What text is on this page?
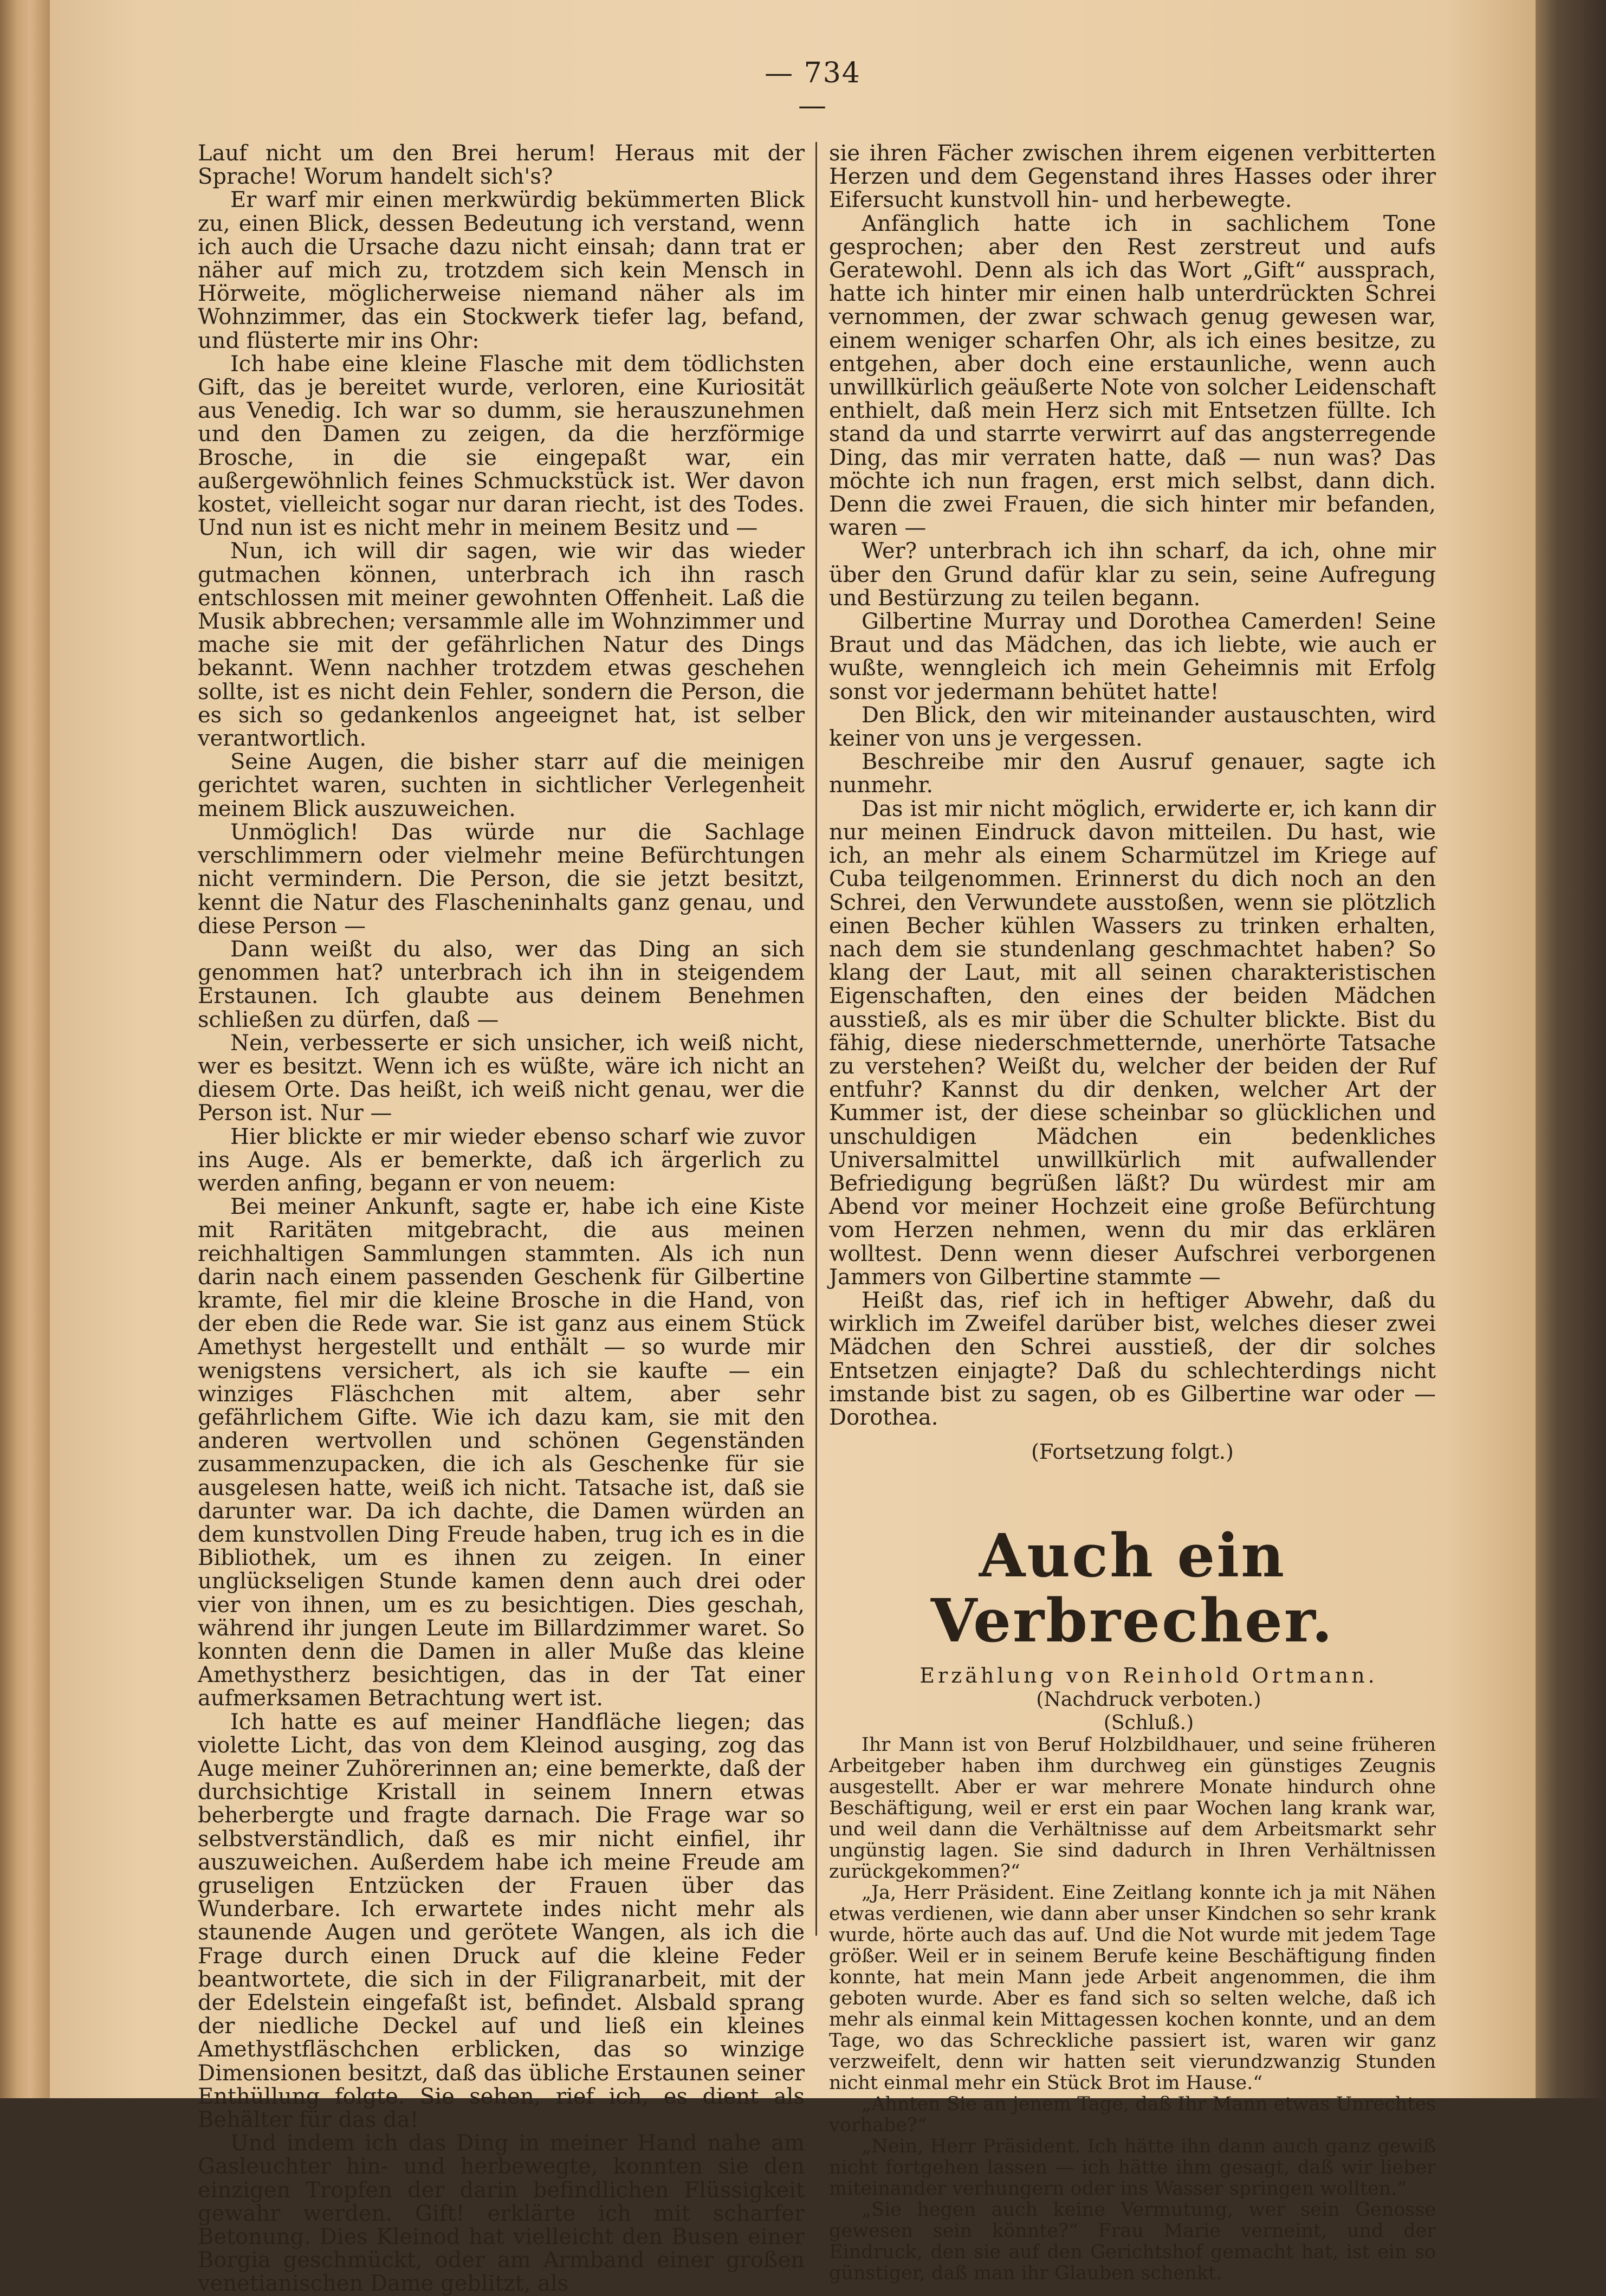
— 734 —

Lauf nicht um den Brei herum! Heraus mit der Sprache! Worum handelt sich's?

Er warf mir einen merkwürdig bekümmerten Blick zu, einen Blick, dessen Bedeutung ich verstand, wenn ich auch die Ursache dazu nicht einsah; dann trat er näher auf mich zu, trotzdem sich kein Mensch in Hörweite, möglicherweise niemand näher als im Wohnzimmer, das ein Stockwerk tiefer lag, befand, und flüsterte mir ins Ohr:

Ich habe eine kleine Flasche mit dem tödlichsten Gift, das je bereitet wurde, verloren, eine Kuriosität aus Venedig. Ich war so dumm, sie herauszunehmen und den Damen zu zeigen, da die herzförmige Brosche, in die sie eingepaßt war, ein außergewöhnlich feines Schmuckstück ist. Wer davon kostet, vielleicht sogar nur daran riecht, ist des Todes. Und nun ist es nicht mehr in meinem Besitz und —

Nun, ich will dir sagen, wie wir das wieder gutmachen können, unterbrach ich ihn rasch entschlossen mit meiner gewohnten Offenheit. Laß die Musik abbrechen; versammle alle im Wohnzimmer und mache sie mit der gefährlichen Natur des Dings bekannt. Wenn nachher trotzdem etwas geschehen sollte, ist es nicht dein Fehler, sondern die Person, die es sich so gedankenlos angeeignet hat, ist selber verantwortlich.

Seine Augen, die bisher starr auf die meinigen gerichtet waren, suchten in sichtlicher Verlegenheit meinem Blick auszuweichen.

Unmöglich! Das würde nur die Sachlage verschlimmern oder vielmehr meine Befürchtungen nicht vermindern. Die Person, die sie jetzt besitzt, kennt die Natur des Flascheninhalts ganz genau, und diese Person —

Dann weißt du also, wer das Ding an sich genommen hat? unterbrach ich ihn in steigendem Erstaunen. Ich glaubte aus deinem Benehmen schließen zu dürfen, daß —

Nein, verbesserte er sich unsicher, ich weiß nicht, wer es besitzt. Wenn ich es wüßte, wäre ich nicht an diesem Orte. Das heißt, ich weiß nicht genau, wer die Person ist. Nur —

Hier blickte er mir wieder ebenso scharf wie zuvor ins Auge. Als er bemerkte, daß ich ärgerlich zu werden anfing, begann er von neuem:

Bei meiner Ankunft, sagte er, habe ich eine Kiste mit Raritäten mitgebracht, die aus meinen reichhaltigen Sammlungen stammten. Als ich nun darin nach einem passenden Geschenk für Gilbertine kramte, fiel mir die kleine Brosche in die Hand, von der eben die Rede war. Sie ist ganz aus einem Stück Amethyst hergestellt und enthält — so wurde mir wenigstens versichert, als ich sie kaufte — ein winziges Fläschchen mit altem, aber sehr gefährlichem Gifte. Wie ich dazu kam, sie mit den anderen wertvollen und schönen Gegenständen zusammenzupacken, die ich als Geschenke für sie ausgelesen hatte, weiß ich nicht. Tatsache ist, daß sie darunter war. Da ich dachte, die Damen würden an dem kunstvollen Ding Freude haben, trug ich es in die Bibliothek, um es ihnen zu zeigen. In einer unglückseligen Stunde kamen denn auch drei oder vier von ihnen, um es zu besichtigen. Dies geschah, während ihr jungen Leute im Billardzimmer waret. So konnten denn die Damen in aller Muße das kleine Amethystherz besichtigen, das in der Tat einer aufmerksamen Betrachtung wert ist.

Ich hatte es auf meiner Handfläche liegen; das violette Licht, das von dem Kleinod ausging, zog das Auge meiner Zuhörerinnen an; eine bemerkte, daß der durchsichtige Kristall in seinem Innern etwas beherbergte und fragte darnach. Die Frage war so selbstverständlich, daß es mir nicht einfiel, ihr auszuweichen. Außerdem habe ich meine Freude am gruseligen Entzücken der Frauen über das Wunderbare. Ich erwartete indes nicht mehr als staunende Augen und gerötete Wangen, als ich die Frage durch einen Druck auf die kleine Feder beantwortete, die sich in der Filigranarbeit, mit der der Edelstein eingefaßt ist, befindet. Alsbald sprang der niedliche Deckel auf und ließ ein kleines Amethystfläschchen erblicken, das so winzige Dimensionen besitzt, daß das übliche Erstaunen seiner Enthüllung folgte. Sie sehen, rief ich, es dient als Behälter für das da!

Und indem ich das Ding in meiner Hand nahe am Gasleuchter hin- und herbewegte, konnten sie den einzigen Tropfen der darin befindlichen Flüssigkeit gewahr werden. Gift! erklärte ich mit scharfer Betonung. Dies Kleinod hat vielleicht den Busen einer Borgia geschmückt, oder am Armband einer großen venetianischen Dame geblitzt, als

sie ihren Fächer zwischen ihrem eigenen verbitterten Herzen und dem Gegenstand ihres Hasses oder ihrer Eifersucht kunstvoll hin- und herbewegte.

Anfänglich hatte ich in sachlichem Tone gesprochen; aber den Rest zerstreut und aufs Geratewohl. Denn als ich das Wort „Gift“ aussprach, hatte ich hinter mir einen halb unterdrückten Schrei vernommen, der zwar schwach genug gewesen war, einem weniger scharfen Ohr, als ich eines besitze, zu entgehen, aber doch eine erstaunliche, wenn auch unwillkürlich geäußerte Note von solcher Leidenschaft enthielt, daß mein Herz sich mit Entsetzen füllte. Ich stand da und starrte verwirrt auf das angsterregende Ding, das mir verraten hatte, daß — nun was? Das möchte ich nun fragen, erst mich selbst, dann dich. Denn die zwei Frauen, die sich hinter mir befanden, waren —

Wer? unterbrach ich ihn scharf, da ich, ohne mir über den Grund dafür klar zu sein, seine Aufregung und Bestürzung zu teilen begann.

Gilbertine Murray und Dorothea Camerden! Seine Braut und das Mädchen, das ich liebte, wie auch er wußte, wenngleich ich mein Geheimnis mit Erfolg sonst vor jedermann behütet hatte!

Den Blick, den wir miteinander austauschten, wird keiner von uns je vergessen.

Beschreibe mir den Ausruf genauer, sagte ich nunmehr.

Das ist mir nicht möglich, erwiderte er, ich kann dir nur meinen Eindruck davon mitteilen. Du hast, wie ich, an mehr als einem Scharmützel im Kriege auf Cuba teilgenommen. Erinnerst du dich noch an den Schrei, den Verwundete ausstoßen, wenn sie plötzlich einen Becher kühlen Wassers zu trinken erhalten, nach dem sie stundenlang geschmachtet haben? So klang der Laut, mit all seinen charakteristischen Eigenschaften, den eines der beiden Mädchen ausstieß, als es mir über die Schulter blickte. Bist du fähig, diese niederschmetternde, unerhörte Tatsache zu verstehen? Weißt du, welcher der beiden der Ruf entfuhr? Kannst du dir denken, welcher Art der Kummer ist, der diese scheinbar so glücklichen und unschuldigen Mädchen ein bedenkliches Universalmittel unwillkürlich mit aufwallender Befriedigung begrüßen läßt? Du würdest mir am Abend vor meiner Hochzeit eine große Befürchtung vom Herzen nehmen, wenn du mir das erklären wolltest. Denn wenn dieser Aufschrei verborgenen Jammers von Gilbertine stammte —

Heißt das, rief ich in heftiger Abwehr, daß du wirklich im Zweifel darüber bist, welches dieser zwei Mädchen den Schrei ausstieß, der dir solches Entsetzen einjagte? Daß du schlechterdings nicht imstande bist zu sagen, ob es Gilbertine war oder — Dorothea.

(Fortsetzung folgt.)

Auch ein Verbrecher.

Erzählung von Reinhold Ortmann.

(Nachdruck verboten.)

(Schluß.)

Ihr Mann ist von Beruf Holzbildhauer, und seine früheren Arbeitgeber haben ihm durchweg ein günstiges Zeugnis ausgestellt. Aber er war mehrere Monate hindurch ohne Beschäftigung, weil er erst ein paar Wochen lang krank war, und weil dann die Verhältnisse auf dem Arbeitsmarkt sehr ungünstig lagen. Sie sind dadurch in Ihren Verhältnissen zurückgekommen?“

„Ja, Herr Präsident. Eine Zeitlang konnte ich ja mit Nähen etwas verdienen, wie dann aber unser Kindchen so sehr krank wurde, hörte auch das auf. Und die Not wurde mit jedem Tage größer. Weil er in seinem Berufe keine Beschäftigung finden konnte, hat mein Mann jede Arbeit angenommen, die ihm geboten wurde. Aber es fand sich so selten welche, daß ich mehr als einmal kein Mittagessen kochen konnte, und an dem Tage, wo das Schreckliche passiert ist, waren wir ganz verzweifelt, denn wir hatten seit vierundzwanzig Stunden nicht einmal mehr ein Stück Brot im Hause.“

„Ahnten Sie an jenem Tage, daß Ihr Mann etwas Unrechtes vorhabe?“

„Nein, Herr Präsident. Ich hätte ihn dann auch ganz gewiß nicht fortgehen lassen — ich hätte ihm gesagt, daß wir lieber miteinander verhungern oder ins Wasser springen wollten.“

„Sie hegen auch keine Vermutung, wer sein Genosse gewesen sein könnte?“ Frau Marie verneint, und der Eindruck, den sie auf den Gerichtshof gemacht hat, ist ein so günstiger, daß man ihr Glauben schenkt.
